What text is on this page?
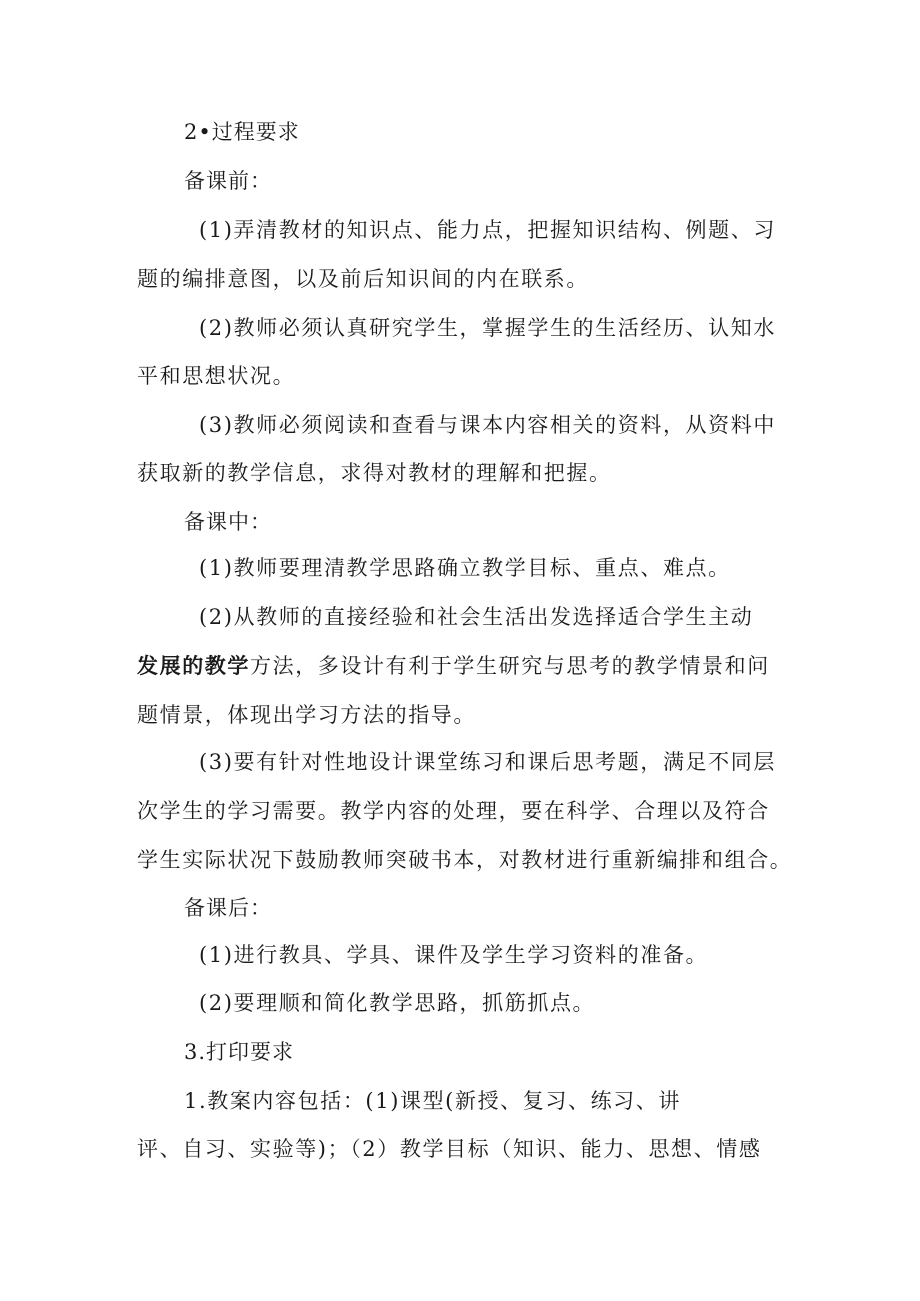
2•过程要求

备课前：

(1)弄清教材的知识点、能力点，把握知识结构、例题、习

题的编排意图，以及前后知识间的内在联系。

(2)教师必须认真研究学生，掌握学生的生活经历、认知水

平和思想状况。

(3)教师必须阅读和查看与课本内容相关的资料，从资料中

获取新的教学信息，求得对教材的理解和把握。

备课中：

(1)教师要理清教学思路确立教学目标、重点、难点。

(2)从教师的直接经验和社会生活出发选择适合学生主动

发展的教学方法，多设计有利于学生研究与思考的教学情景和问

题情景，体现出学习方法的指导。

(3)要有针对性地设计课堂练习和课后思考题，满足不同层

次学生的学习需要。教学内容的处理，要在科学、合理以及符合

学生实际状况下鼓励教师突破书本，对教材进行重新编排和组合。

备课后：

(1)进行教具、学具、课件及学生学习资料的准备。

(2)要理顺和简化教学思路，抓筋抓点。

3.打印要求

1.教案内容包括：(1)课型(新授、复习、练习、讲

评、自习、实验等)；（2）教学目标（知识、能力、思想、情感
